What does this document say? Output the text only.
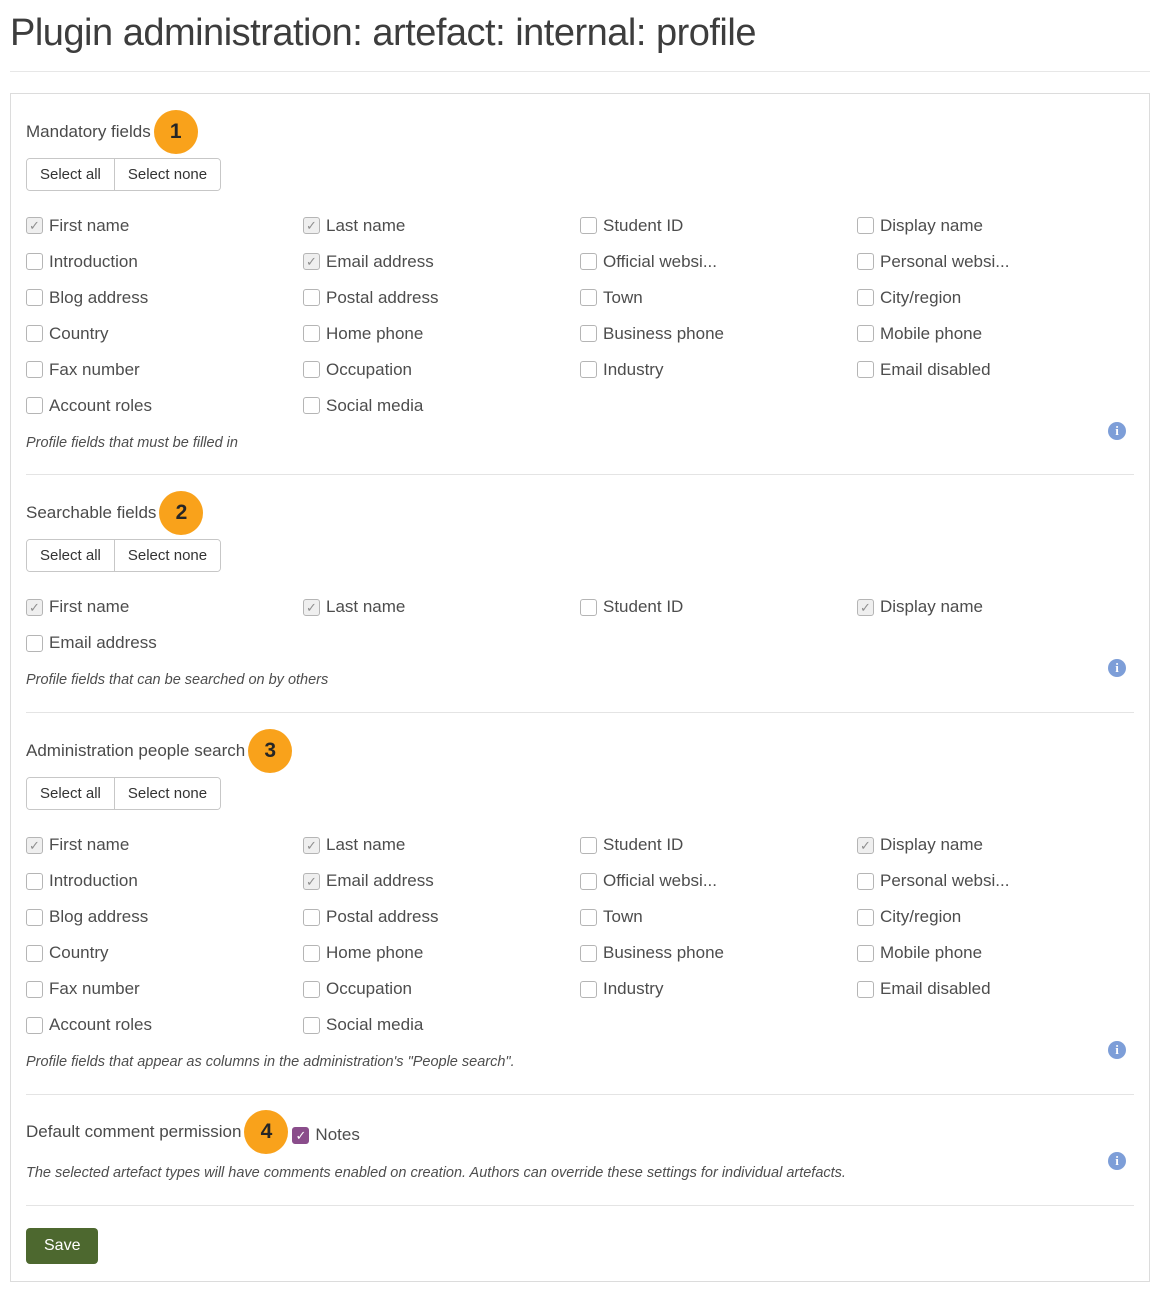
Plugin administration: artefact: internal: profile
Mandatory fields 1
Select all	Select none
✓ First name	✓ Last name	Student ID	Display name
Introduction	✓ Email address	Official websi...	Personal websi...
Blog address	Postal address	Town	City/region
Country	Home phone	Business phone	Mobile phone
Fax number	Occupation	Industry	Email disabled
Account roles	Social media
Profile fields that must be filled in
i
Searchable fields 2
Select all	Select none
✓ First name	✓ Last name	Student ID	✓ Display name
Email address
Profile fields that can be searched on by others
i
Administration people search 3
Select all	Select none
✓ First name	✓ Last name	Student ID	✓ Display name
Introduction	✓ Email address	Official websi...	Personal websi...
Blog address	Postal address	Town	City/region
Country	Home phone	Business phone	Mobile phone
Fax number	Occupation	Industry	Email disabled
Account roles	Social media
Profile fields that appear as columns in the administration's "People search".
i
Default comment permission 4	✓ Notes
The selected artefact types will have comments enabled on creation. Authors can override these settings for individual artefacts.
i
Save
